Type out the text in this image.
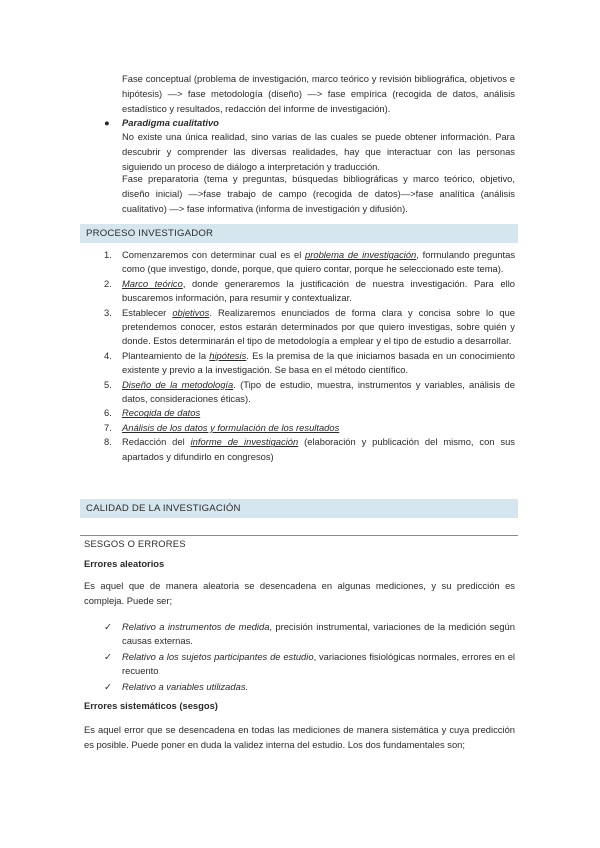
Fase conceptual (problema de investigación, marco teórico y revisión bibliográfica, objetivos e hipótesis) —> fase metodología (diseño) —> fase empírica (recogida de datos, análisis estadístico y resultados, redacción del informe de investigación).

● Paradigma cualitativo

No existe una única realidad, sino varias de las cuales se puede obtener información. Para descubrir y comprender las diversas realidades, hay que interactuar con las personas siguiendo un proceso de diálogo a interpretación y traducción.

Fase preparatoria (tema y preguntas, búsquedas bibliográficas y marco teórico, objetivo, diseño inicial) —>fase trabajo de campo (recogida de datos)—>fase analítica (análisis cualitativo) —> fase informativa (informa de investigación y difusión).

PROCESO INVESTIGADOR
1. Comenzaremos con determinar cual es el problema de investigación, formulando preguntas como (que investigo, donde, porque, que quiero contar, porque he seleccionado este tema).
2. Marco teórico, donde generaremos la justificación de nuestra investigación. Para ello buscaremos información, para resumir y contextualizar.
3. Establecer objetivos. Realizaremos enunciados de forma clara y concisa sobre lo que pretendemos conocer, estos estarán determinados por que quiero investigas, sobre quién y donde. Estos determinarán el tipo de metodología a emplear y el tipo de estudio a desarrollar.
4. Planteamiento de la hipótesis. Es la premisa de la que iniciamos basada en un conocimiento existente y previo a la investigación. Se basa en el método científico.
5. Diseño de la metodología. (Tipo de estudio, muestra, instrumentos y variables, análisis de datos, consideraciones éticas).
6. Recogida de datos
7. Análisis de los datos y formulación de los resultados
8. Redacción del informe de investigación (elaboración y publicación del mismo, con sus apartados y difundirlo en congresos)
CALIDAD DE LA INVESTIGACIÓN
SESGOS O ERRORES
Errores aleatorios

Es aquel que de manera aleatoria se desencadena en algunas mediciones, y su predicción es compleja. Puede ser;

✓ Relativo a instrumentos de medida, precisión instrumental, variaciones de la medición según causas externas.
✓ Relativo a los sujetos participantes de estudio, variaciones fisiológicas normales, errores en el recuento
✓ Relativo a variables utilizadas.
Errores sistemáticos (sesgos)

Es aquel error que se desencadena en todas las mediciones de manera sistemática y cuya predicción es posible. Puede poner en duda la validez interna del estudio. Los dos fundamentales son;
